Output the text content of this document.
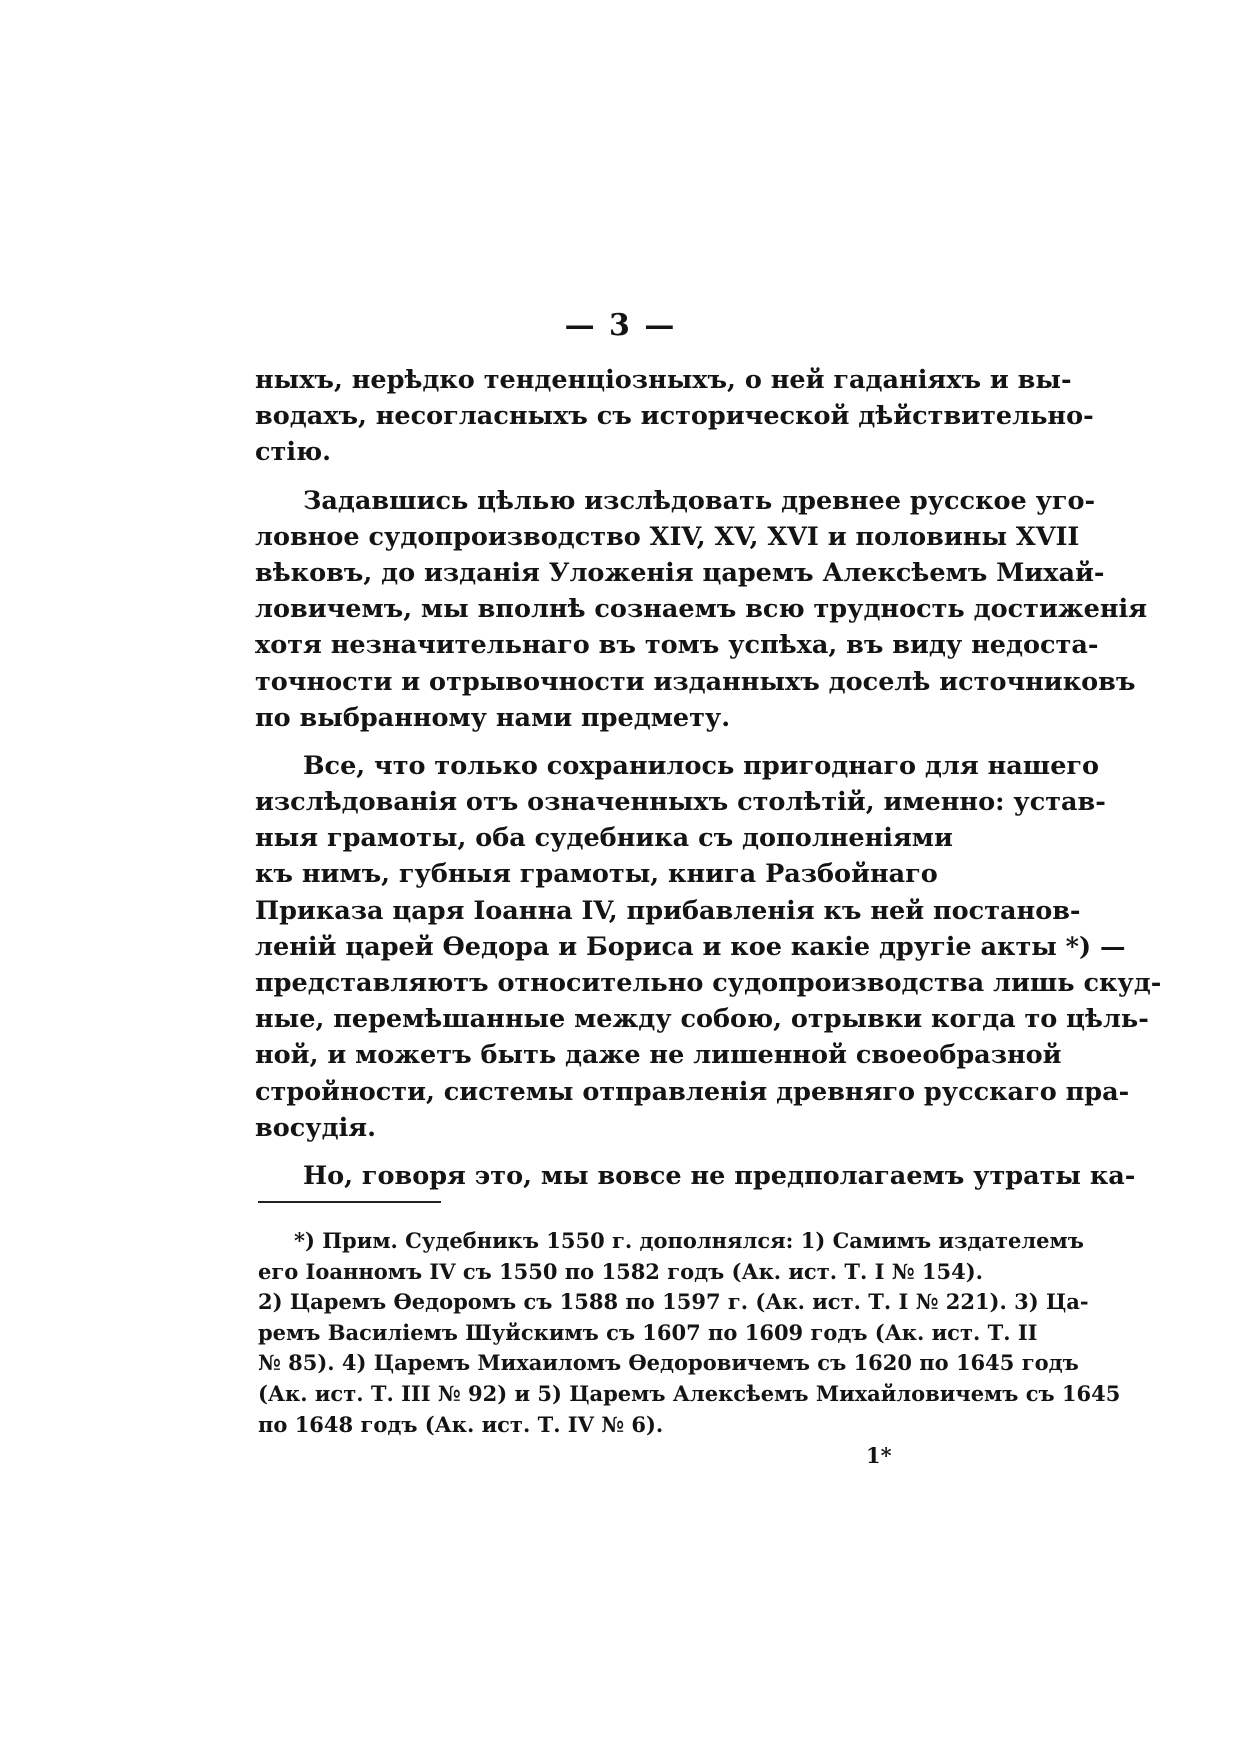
— 3 —
ныхъ, нерѣдко тенденціозныхъ, о ней гаданіяхъ и вы-
водахъ, несогласныхъ съ исторической дѣйствительно-
стію.
Задавшись цѣлью изслѣдовать древнее русское уго-
ловное судопроизводство XIV, XV, XVI и половины XVII
вѣковъ, до изданія Уложенія царемъ Алексѣемъ Михай-
ловичемъ, мы вполнѣ сознаемъ всю трудность достиженія
хотя незначительнаго въ томъ успѣха, въ виду недоста-
точности и отрывочности изданныхъ доселѣ источниковъ
по выбранному нами предмету.
Все, что только сохранилось пригоднаго для нашего
изслѣдованія отъ означенныхъ столѣтій, именно: устав-
ныя грамоты, оба судебника съ дополненіями
къ нимъ, губныя грамоты, книга Разбойнаго
Приказа царя Іоанна IV, прибавленія къ ней постанов-
леній царей Ѳедора и Бориса и кое какіе другіе акты *) —
представляютъ относительно судопроизводства лишь скуд-
ные, перемѣшанные между собою, отрывки когда то цѣль-
ной, и можетъ быть даже не лишенной своеобразной
стройности, системы отправленія древняго русскаго пра-
восудія.
Но, говоря это, мы вовсе не предполагаемъ утраты ка-
*) Прим. Судебникъ 1550 г. дополнялся: 1) Самимъ издателемъ
его Іоанномъ IV съ 1550 по 1582 годъ (Ак. ист. Т. I № 154).
2) Царемъ Ѳедоромъ съ 1588 по 1597 г. (Ак. ист. Т. I № 221). 3) Ца-
ремъ Василіемъ Шуйскимъ съ 1607 по 1609 годъ (Ак. ист. Т. II
№ 85). 4) Царемъ Михаиломъ Ѳедоровичемъ съ 1620 по 1645 годъ
(Ак. ист. Т. III № 92) и 5) Царемъ Алексѣемъ Михайловичемъ съ 1645
по 1648 годъ (Ак. ист. Т. IV № 6).
1*
